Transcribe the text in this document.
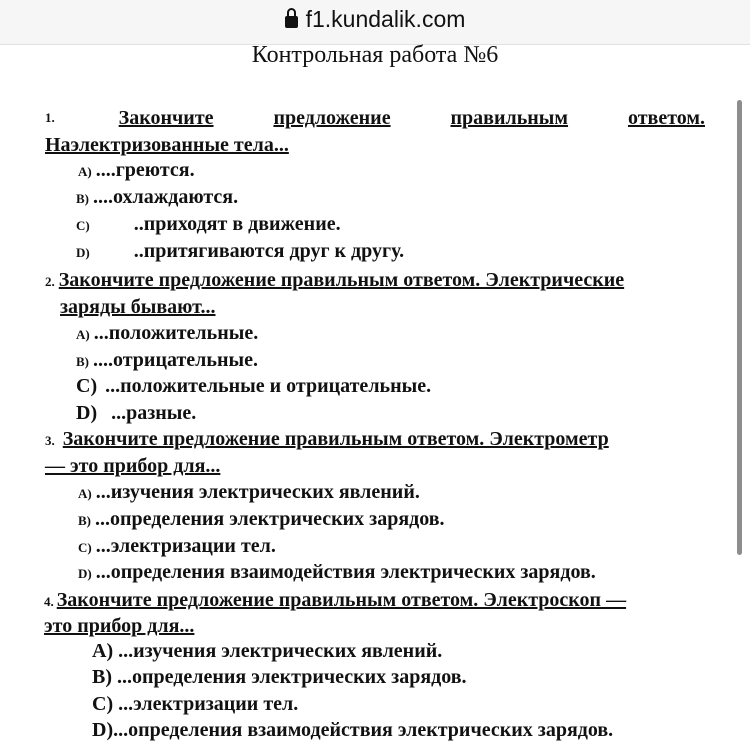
f1.kundalik.com
Контрольная работа №6
1.	Закончите	предложение	правильным	ответом.
Наэлектризованные тела...
A) ....греются.
B) ....охлаждаются.
C) ..приходят в движение.
D) ..притягиваются друг к другу.
2. Закончите предложение правильным ответом. Электрические
заряды бывают...
A) ...положительные.
B) ....отрицательные.
C) ...положительные и отрицательные.
D) ...разные.
3. Закончите предложение правильным ответом. Электрометр
— это прибор для...
A) ...изучения электрических явлений.
B) ...определения электрических зарядов.
C) ...электризации тел.
D) ...определения взаимодействия электрических зарядов.
4. Закончите предложение правильным ответом. Электроскоп —
это прибор для...
A) ...изучения электрических явлений.
B) ...определения электрических зарядов.
C) ...электризации тел.
D)...определения взаимодействия электрических зарядов.
